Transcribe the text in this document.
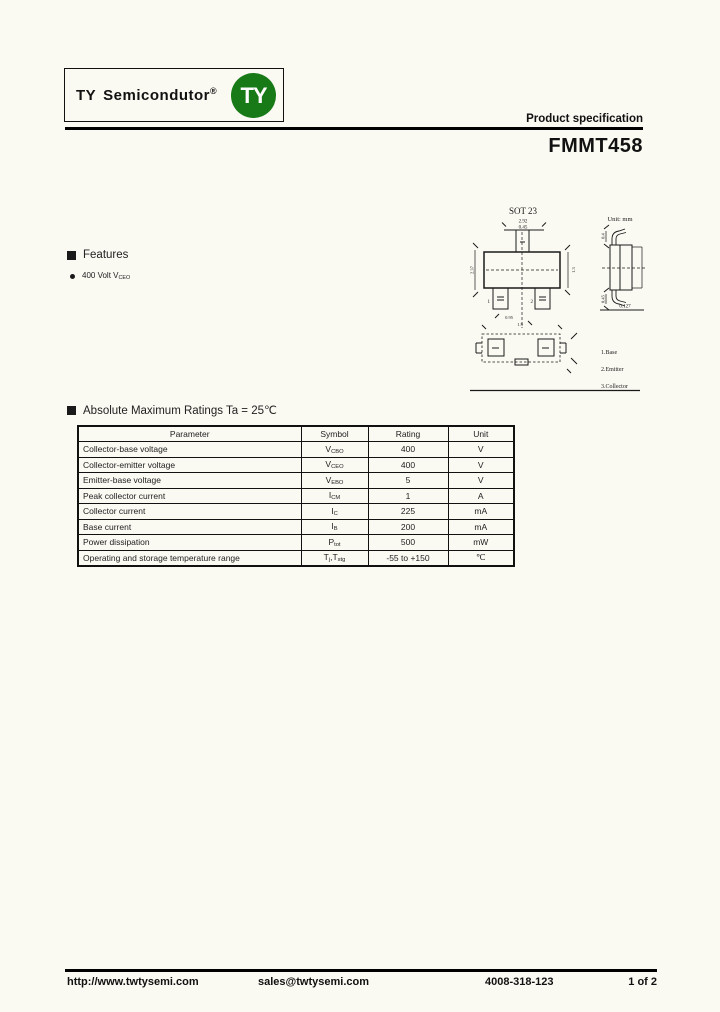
TY Semicondutor® TY
Product specification
FMMT458
Features
400 Volt $V_{CEO}$
SOT 23
Unit: mm
2.92
0.45
1	2
2.37	1.3
0.95
1.9
0.4
0.45
0.127
1.Base
2.Emitter
3.Collector
Absolute Maximum Ratings Ta = 25℃
Parameter	Symbol	Rating	Unit
Collector-base voltage	$V_{CBO}$	400	V
Collector-emitter voltage	$V_{CEO}$	400	V
Emitter-base voltage	$V_{EBO}$	5	V
Peak collector current	$I_{CM}$	1	A
Collector current	$I_C$	225	mA
Base current	$I_B$	200	mA
Power dissipation	$P_{tot}$	500	mW
Operating and storage temperature range	$T_j,T_{stg}$	-55 to +150	℃
http://www.twtysemi.com	sales@twtysemi.com	4008-318-123	1 of 2
